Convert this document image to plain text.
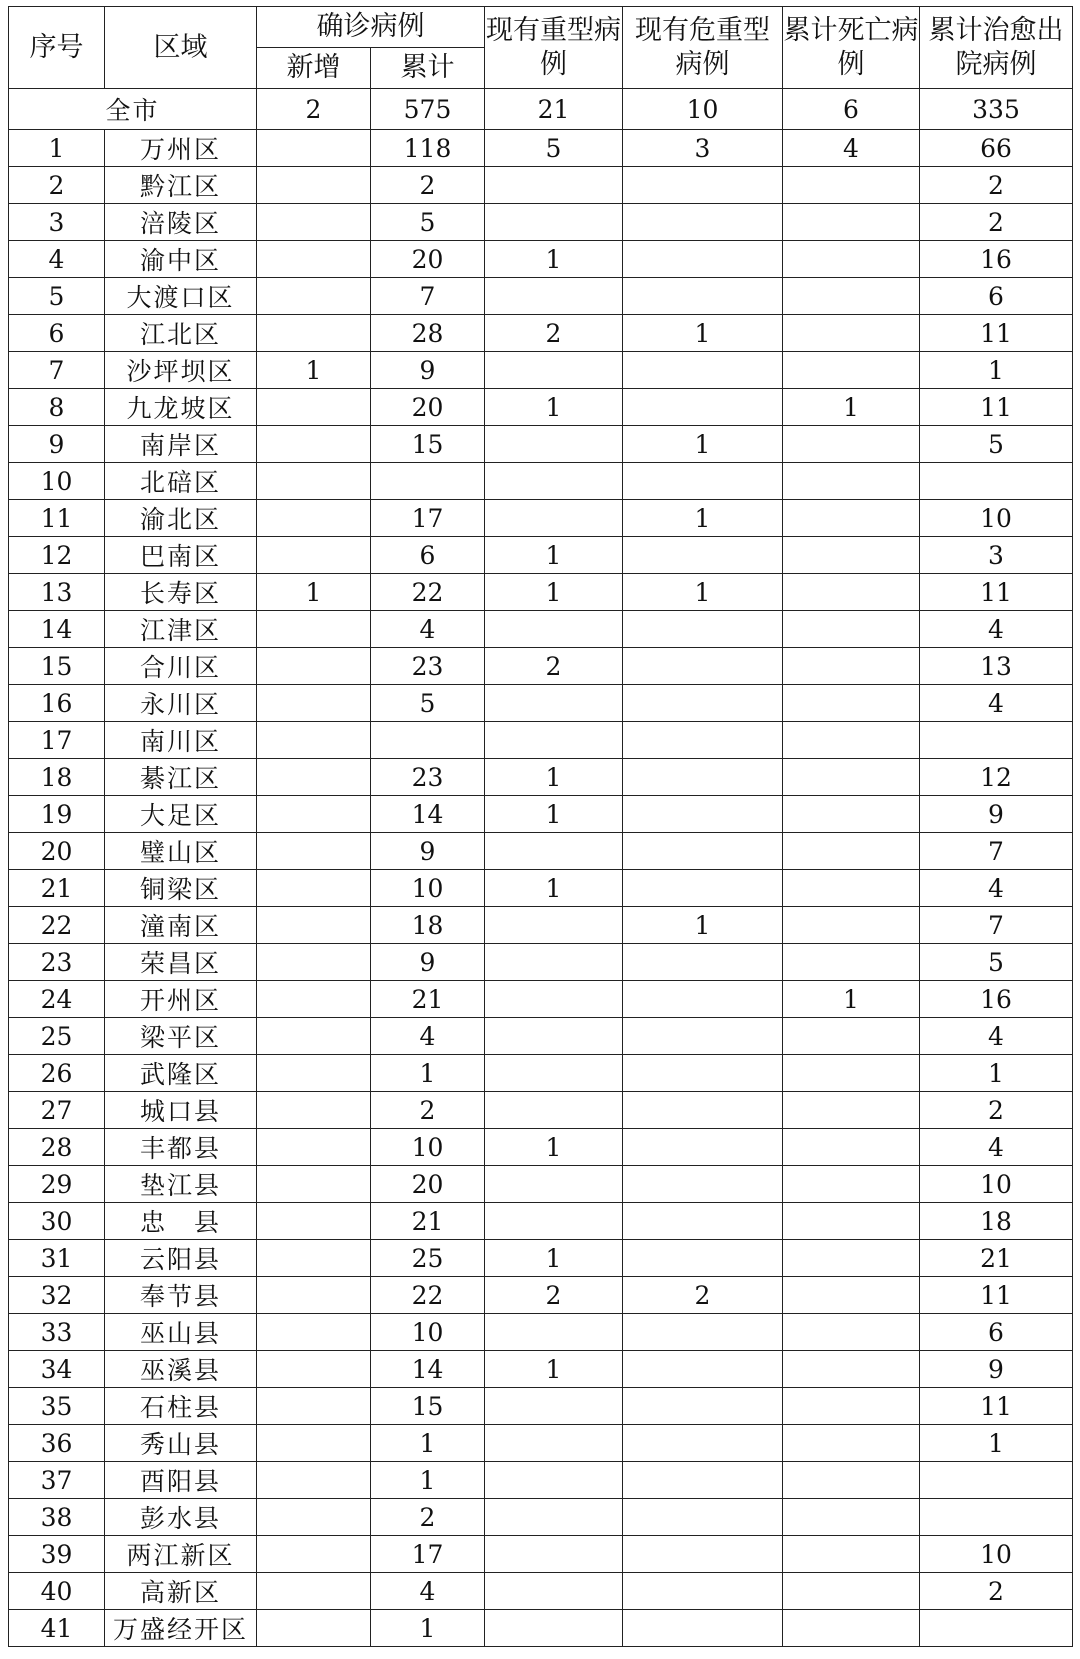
序号	区域	确诊病例		现有重型病例	现有危重型病例	累计死亡病例	累计治愈出院病例
		新增	累计				
全市		2	575	21	10	6	335
1	万州区		118	5	3	4	66
2	黔江区		2				2
3	涪陵区		5				2
4	渝中区		20	1			16
5	大渡口区		7				6
6	江北区		28	2	1		11
7	沙坪坝区	1	9				1
8	九龙坡区		20	1		1	11
9	南岸区		15		1		5
10	北碚区						
11	渝北区		17		1		10
12	巴南区		6	1			3
13	长寿区	1	22	1	1		11
14	江津区		4				4
15	合川区		23	2			13
16	永川区		5				4
17	南川区						
18	綦江区		23	1			12
19	大足区		14	1			9
20	璧山区		9				7
21	铜梁区		10	1			4
22	潼南区		18		1		7
23	荣昌区		9				5
24	开州区		21			1	16
25	梁平区		4				4
26	武隆区		1				1
27	城口县		2				2
28	丰都县		10	1			4
29	垫江县		20				10
30	忠　县		21				18
31	云阳县		25	1			21
32	奉节县		22	2	2		11
33	巫山县		10				6
34	巫溪县		14	1			9
35	石柱县		15				11
36	秀山县		1				1
37	酉阳县		1				
38	彭水县		2				
39	两江新区		17				10
40	高新区		4				2
41	万盛经开区		1				
